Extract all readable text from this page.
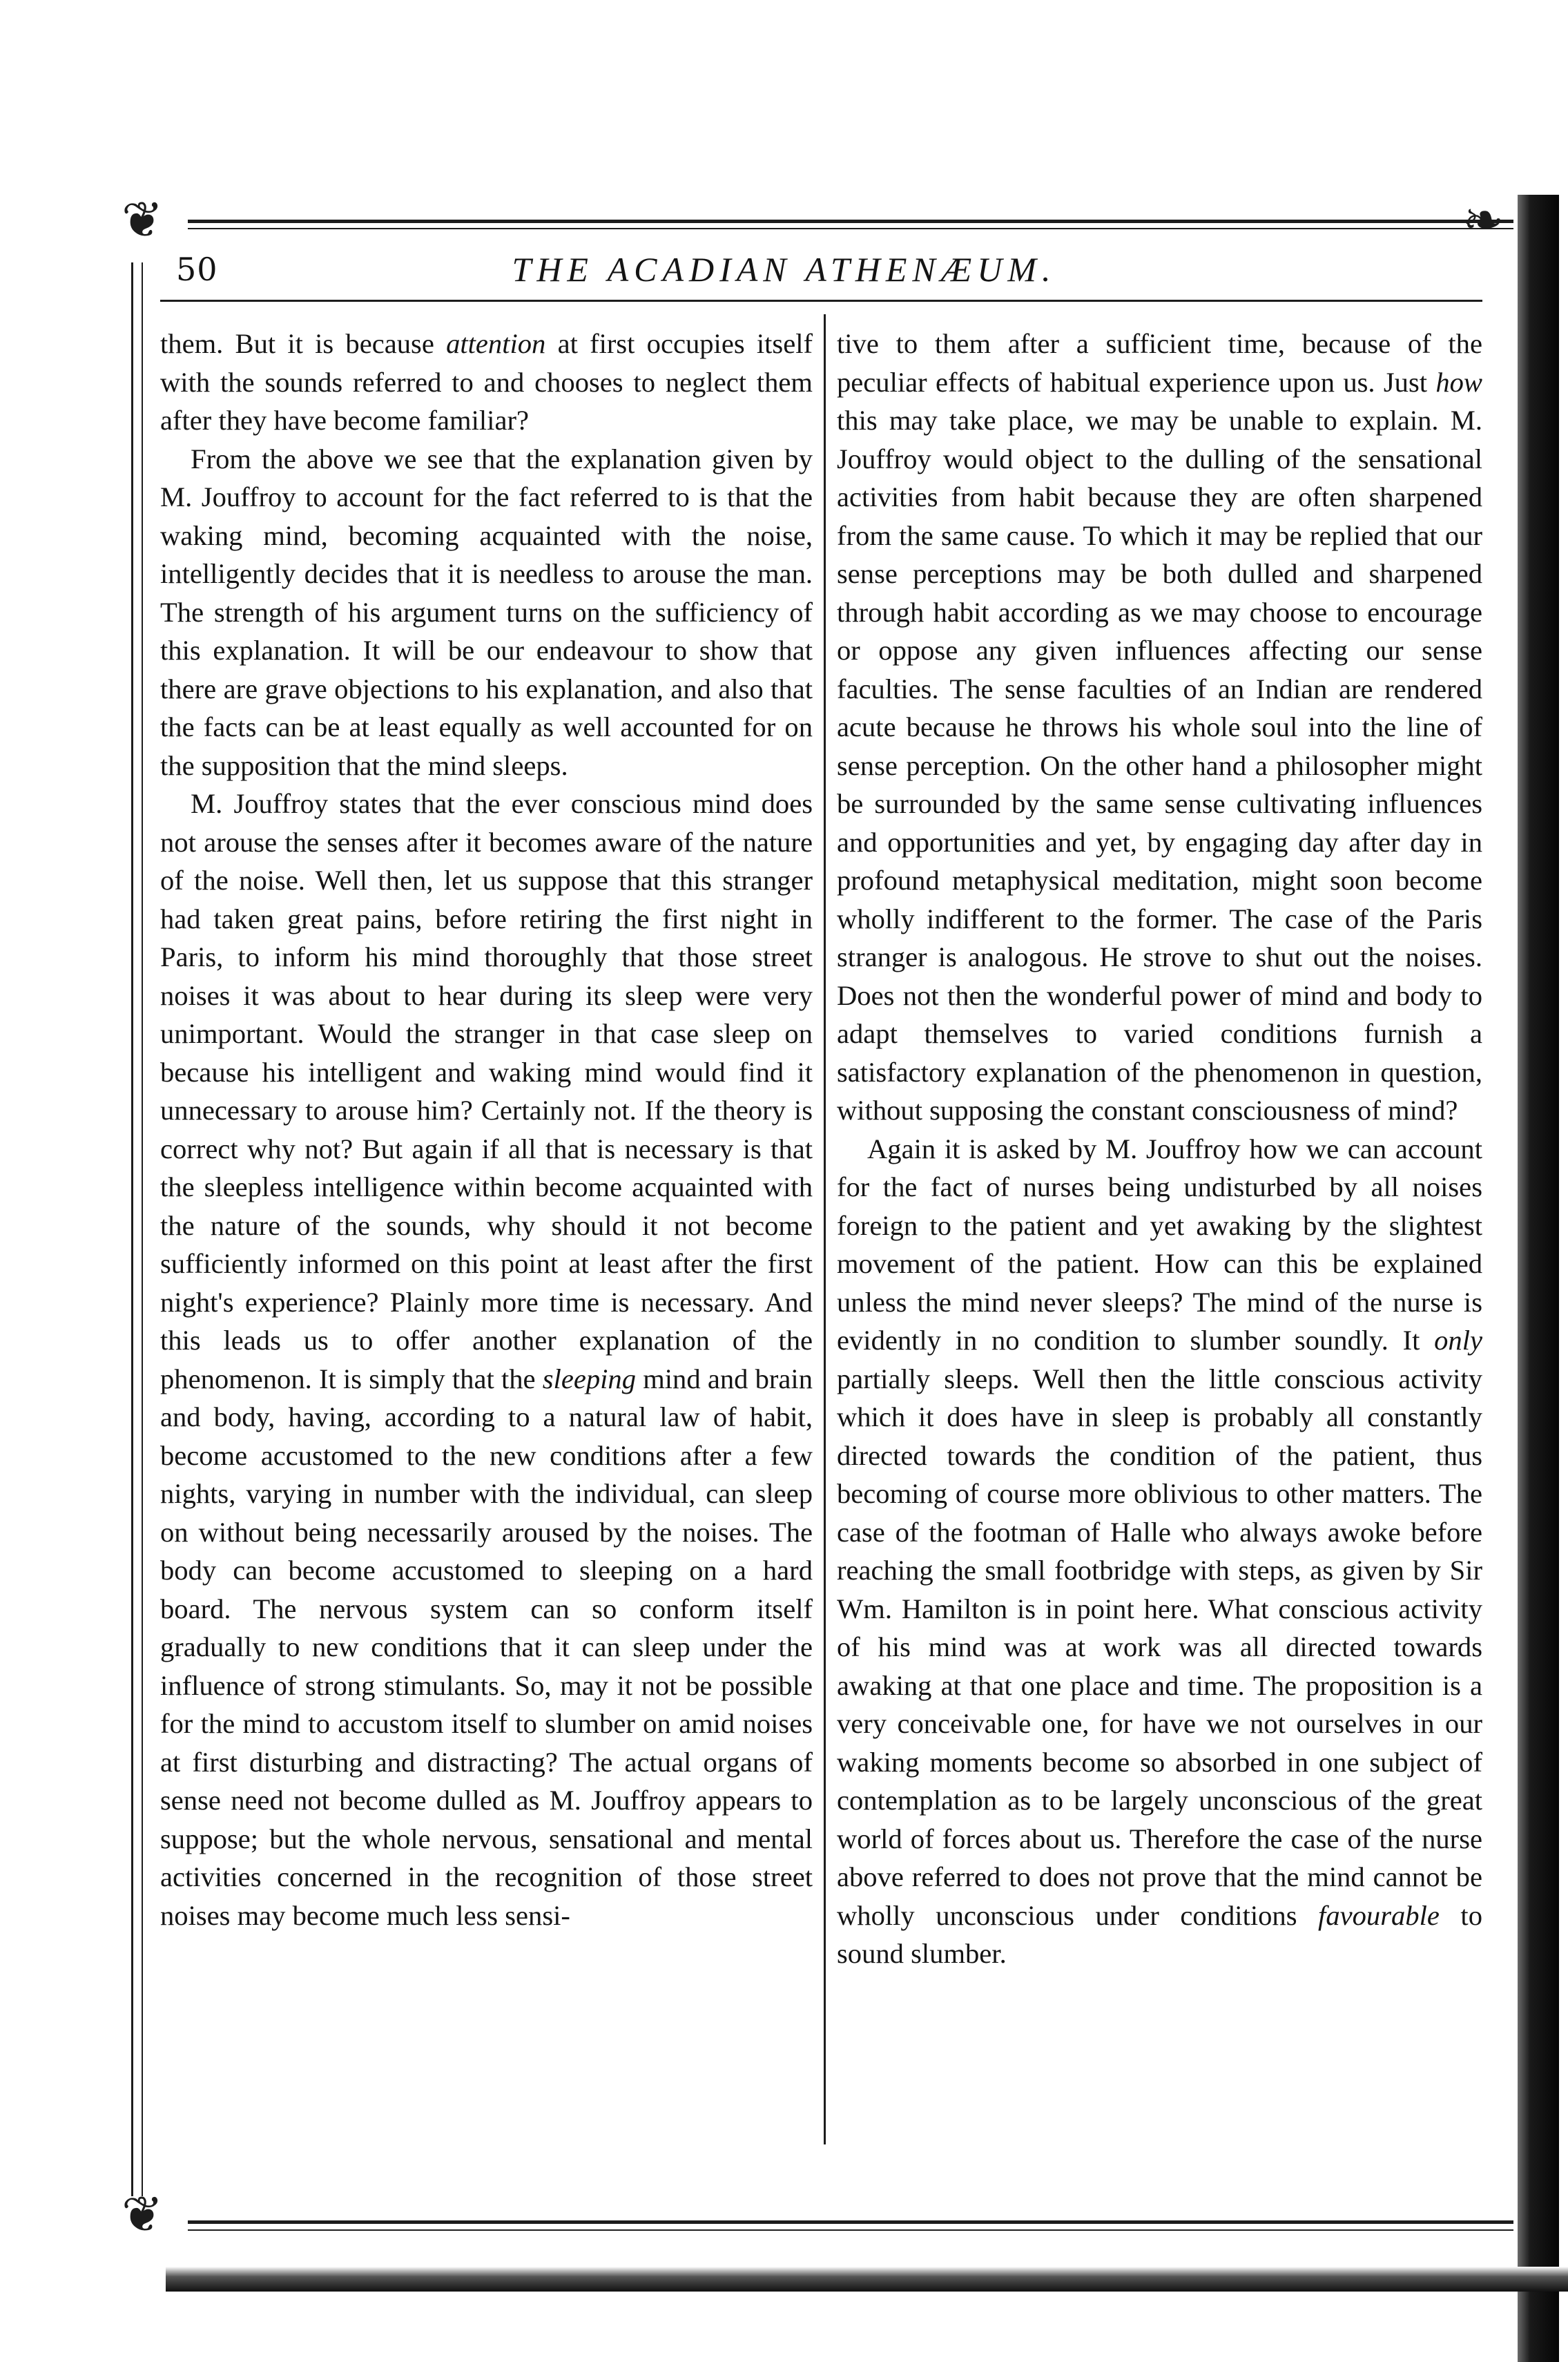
❦	❧
50	THE ACADIAN ATHENÆUM.

them. But it is because attention at first occupies itself with the sounds referred to and chooses to neglect them after they have become familiar?

From the above we see that the explanation given by M. Jouffroy to account for the fact referred to is that the waking mind, becoming acquainted with the noise, intelligently decides that it is needless to arouse the man. The strength of his argument turns on the sufficiency of this explanation. It will be our endeavour to show that there are grave objections to his explanation, and also that the facts can be at least equally as well accounted for on the supposition that the mind sleeps.

M. Jouffroy states that the ever conscious mind does not arouse the senses after it becomes aware of the nature of the noise. Well then, let us suppose that this stranger had taken great pains, before retiring the first night in Paris, to inform his mind thoroughly that those street noises it was about to hear during its sleep were very unimportant. Would the stranger in that case sleep on because his intelligent and waking mind would find it unnecessary to arouse him? Certainly not. If the theory is correct why not? But again if all that is necessary is that the sleepless intelligence within become acquainted with the nature of the sounds, why should it not become sufficiently informed on this point at least after the first night's experience? Plainly more time is necessary. And this leads us to offer another explanation of the phenomenon. It is simply that the sleeping mind and brain and body, having, according to a natural law of habit, become accustomed to the new conditions after a few nights, varying in number with the individual, can sleep on without being necessarily aroused by the noises. The body can become accustomed to sleeping on a hard board. The nervous system can so conform itself gradually to new conditions that it can sleep under the influence of strong stimulants. So, may it not be possible for the mind to accustom itself to slumber on amid noises at first disturbing and distracting? The actual organs of sense need not become dulled as M. Jouffroy appears to suppose; but the whole nervous, sensational and mental activities concerned in the recognition of those street noises may become much less sensi-

tive to them after a sufficient time, because of the peculiar effects of habitual experience upon us. Just how this may take place, we may be unable to explain. M. Jouffroy would object to the dulling of the sensational activities from habit because they are often sharpened from the same cause. To which it may be replied that our sense perceptions may be both dulled and sharpened through habit according as we may choose to encourage or oppose any given influences affecting our sense faculties. The sense faculties of an Indian are rendered acute because he throws his whole soul into the line of sense perception. On the other hand a philosopher might be surrounded by the same sense cultivating influences and opportunities and yet, by engaging day after day in profound metaphysical meditation, might soon become wholly indifferent to the former. The case of the Paris stranger is analogous. He strove to shut out the noises. Does not then the wonderful power of mind and body to adapt themselves to varied conditions furnish a satisfactory explanation of the phenomenon in question, without supposing the constant consciousness of mind?

Again it is asked by M. Jouffroy how we can account for the fact of nurses being undisturbed by all noises foreign to the patient and yet awaking by the slightest movement of the patient. How can this be explained unless the mind never sleeps? The mind of the nurse is evidently in no condition to slumber soundly. It only partially sleeps. Well then the little conscious activity which it does have in sleep is probably all constantly directed towards the condition of the patient, thus becoming of course more oblivious to other matters. The case of the footman of Halle who always awoke before reaching the small footbridge with steps, as given by Sir Wm. Hamilton is in point here. What conscious activity of his mind was at work was all directed towards awaking at that one place and time. The proposition is a very conceivable one, for have we not ourselves in our waking moments become so absorbed in one subject of contemplation as to be largely unconscious of the great world of forces about us. Therefore the case of the nurse above referred to does not prove that the mind cannot be wholly unconscious under conditions favourable to sound slumber.

❦
